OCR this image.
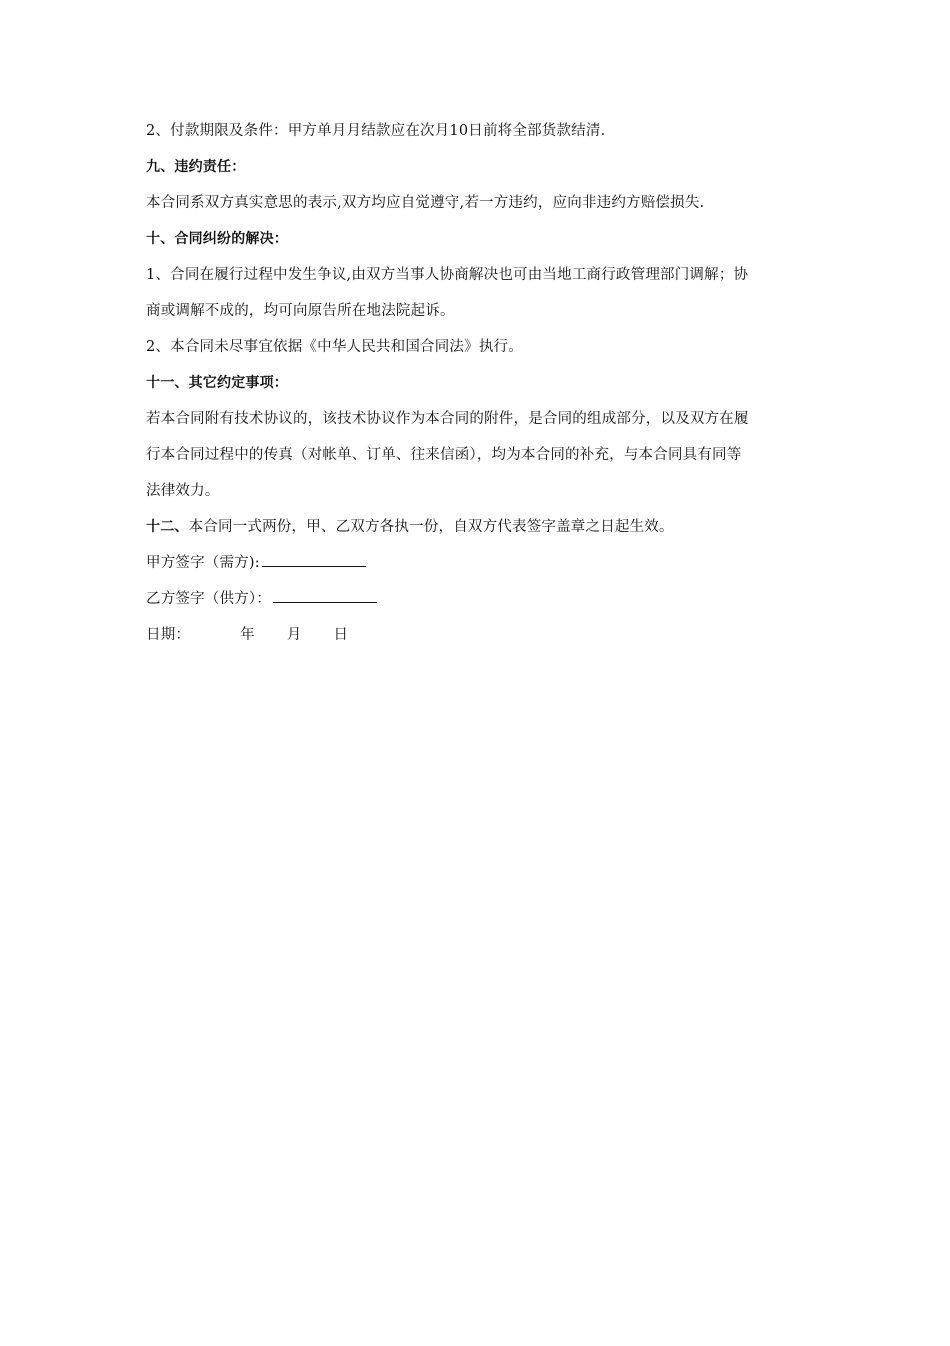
2、付款期限及条件：甲方单月月结款应在次月10日前将全部货款结清.
九、违约责任：
本合同系双方真实意思的表示,双方均应自觉遵守,若一方违约，应向非违约方赔偿损失.
十、合同纠纷的解决：
1、合同在履行过程中发生争议,由双方当事人协商解决也可由当地工商行政管理部门调解；协
商或调解不成的，均可向原告所在地法院起诉。
2、本合同未尽事宜依据《中华人民共和国合同法》执行。
十一、其它约定事项：
若本合同附有技术协议的，该技术协议作为本合同的附件，是合同的组成部分，以及双方在履
行本合同过程中的传真（对帐单、订单、往来信函），均为本合同的补充，与本合同具有同等
法律效力。
十二、本合同一式两份，甲、乙双方各执一份，自双方代表签字盖章之日起生效。
甲方签字（需方):
乙方签字（供方）：
日期：	年 月 日
